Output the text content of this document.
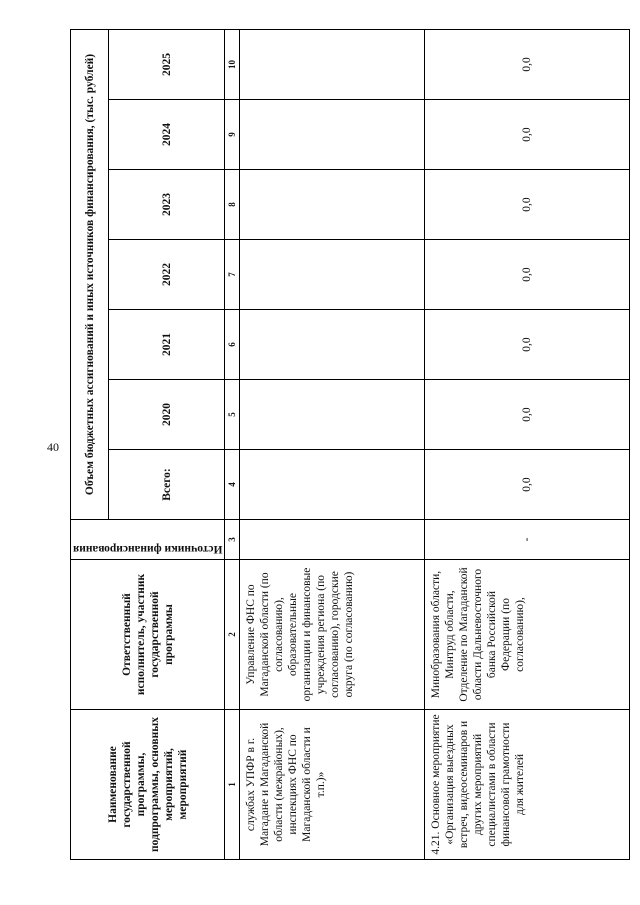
40
Наименование государственной программы, подпрограммы, основных мероприятий, мероприятий	Ответственный исполнитель, участник государственной программы	Источники финансирования	Объем бюджетных ассигнований и иных источников финансирования, (тыс. рублей)						
			Всего:	2020	2021	2022	2023	2024	2025
1	2	3	4	5	6	7	8	9	10
службах УПФР в г. Магадане и Магаданской области (межрайоных), инспекциях ФНС по Магаданской области и т.п.)»	Управление ФНС по Магаданской области (по согласованию), образовательные организации и финансовые учреждения региона (по согласованию), городские округа (по согласованию)								
4.21. Основное мероприятие «Организация выездных встреч, видеосеминаров и других мероприятий специалистами в области финансовой грамотности для жителей	Минобразования области, Минтруд области, Отделение по Магаданской области Дальневосточного банка Российской Федерации (по согласованию),	-	0,0	0,0	0,0	0,0	0,0	0,0	0,0
